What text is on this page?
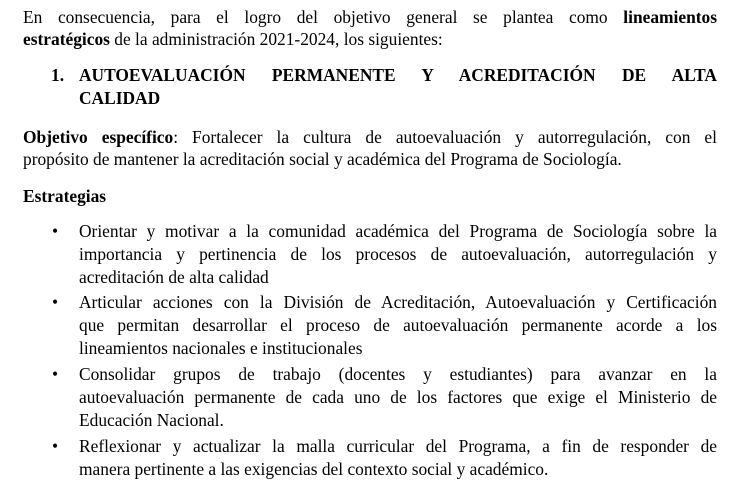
En consecuencia, para el logro del objetivo general se plantea como lineamientos
estratégicos de la administración 2021-2024, los siguientes:
1. AUTOEVALUACIÓN PERMANENTE Y ACREDITACIÓN DE ALTA
CALIDAD
Objetivo específico: Fortalecer la cultura de autoevaluación y autorregulación, con el
propósito de mantener la acreditación social y académica del Programa de Sociología.
Estrategias
• Orientar y motivar a la comunidad académica del Programa de Sociología sobre la
importancia y pertinencia de los procesos de autoevaluación, autorregulación y
acreditación de alta calidad
• Articular acciones con la División de Acreditación, Autoevaluación y Certificación
que permitan desarrollar el proceso de autoevaluación permanente acorde a los
lineamientos nacionales e institucionales
• Consolidar grupos de trabajo (docentes y estudiantes) para avanzar en la
autoevaluación permanente de cada uno de los factores que exige el Ministerio de
Educación Nacional.
• Reflexionar y actualizar la malla curricular del Programa, a fin de responder de
manera pertinente a las exigencias del contexto social y académico.
